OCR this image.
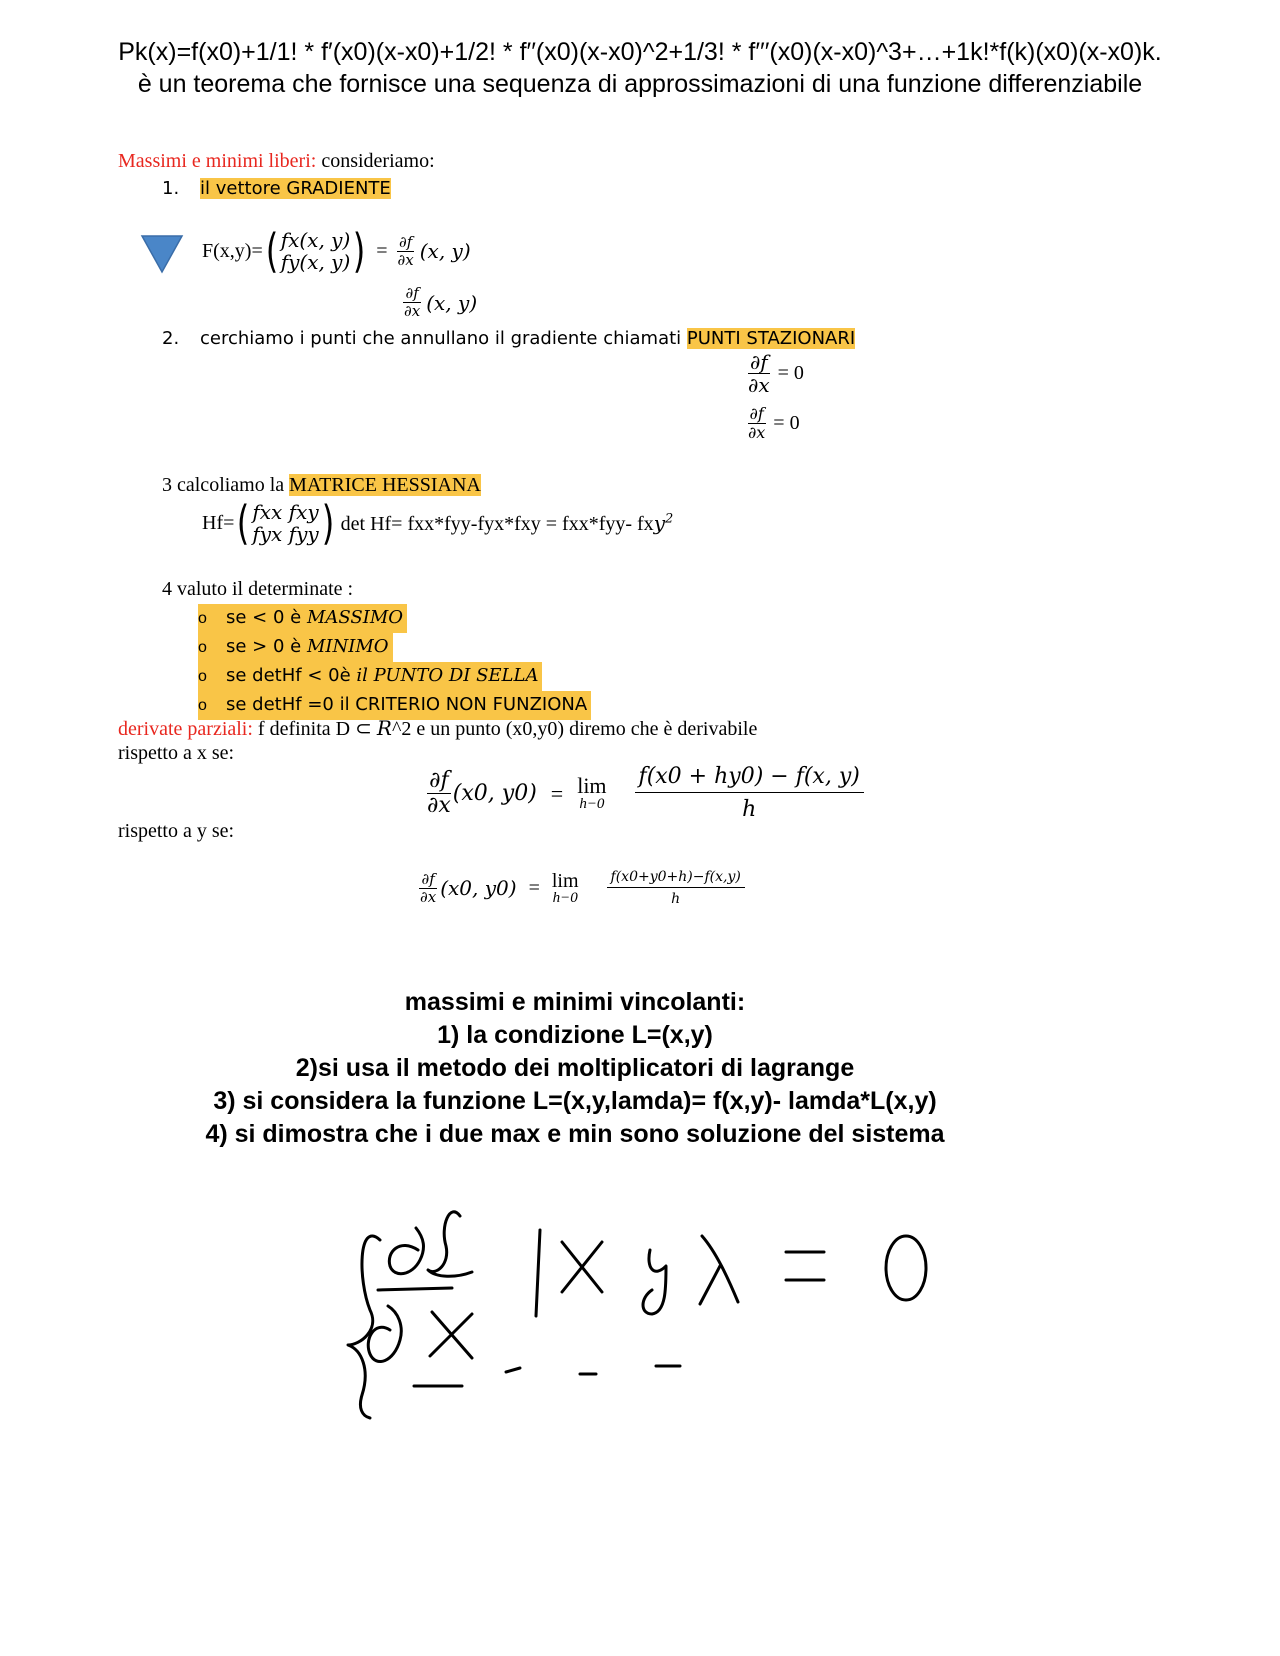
Pk(x)=f(x0)+1/1! * f′(x0)(x-x0)+1/2! * f′′(x0)(x-x0)^2+1/3! * f′′′(x0)(x-x0)^3+…+1k!*f(k)(x0)(x-x0)k.
è un teorema che fornisce una sequenza di approssimazioni di una funzione differenziabile
Massimi e minimi liberi: consideriamo:
1. il vettore GRADIENTE
F(x,y)= ( fx(x, y)
fy(x, y) ) = $\frac{\partial f}{\partial x} (x$, y)
$\frac{\partial f}{\partial x} (x$, y)
2. cerchiamo i punti che annullano il gradiente chiamati PUNTI STAZIONARI
$\frac{\partial f}{\partial x} = 0$
$\frac{\partial f}{\partial x} = 0$
3 calcoliamo la MATRICE HESSIANA
Hf= ( fxx fxy
fyx fyy ) det Hf= fxx*fyy-fyx*fxy = fxx*fyy- fxy$^2$
4 valuto il determinate :
o se < 0 è MASSIMO
o se > 0 è MINIMO
o se detHf < 0è il PUNTO DI SELLA
o se detHf =0 il CRITERIO NON FUNZIONA
derivate parziali: f definita D ⊂ R^2 e un punto (x0,y0) diremo che è derivabile
rispetto a x se:
$\frac{\partial f}{\partial x} (x0$, y0) = lim
$h-0 \frac{f(x0 + hy0) - f(x, y)}{h}$
rispetto a y se:
$\frac{\partial f}{\partial x} (x0$, y0) = lim
$h-0 \frac{f(x0+y0+h)-f(x,y)}{h}$
massimi e minimi vincolanti:
1) la condizione L=(x,y)
2)si usa il metodo dei moltiplicatori di lagrange
3) si considera la funzione L=(x,y,lamda)= f(x,y)- lamda*L(x,y)
4) si dimostra che i due max e min sono soluzione del sistema
